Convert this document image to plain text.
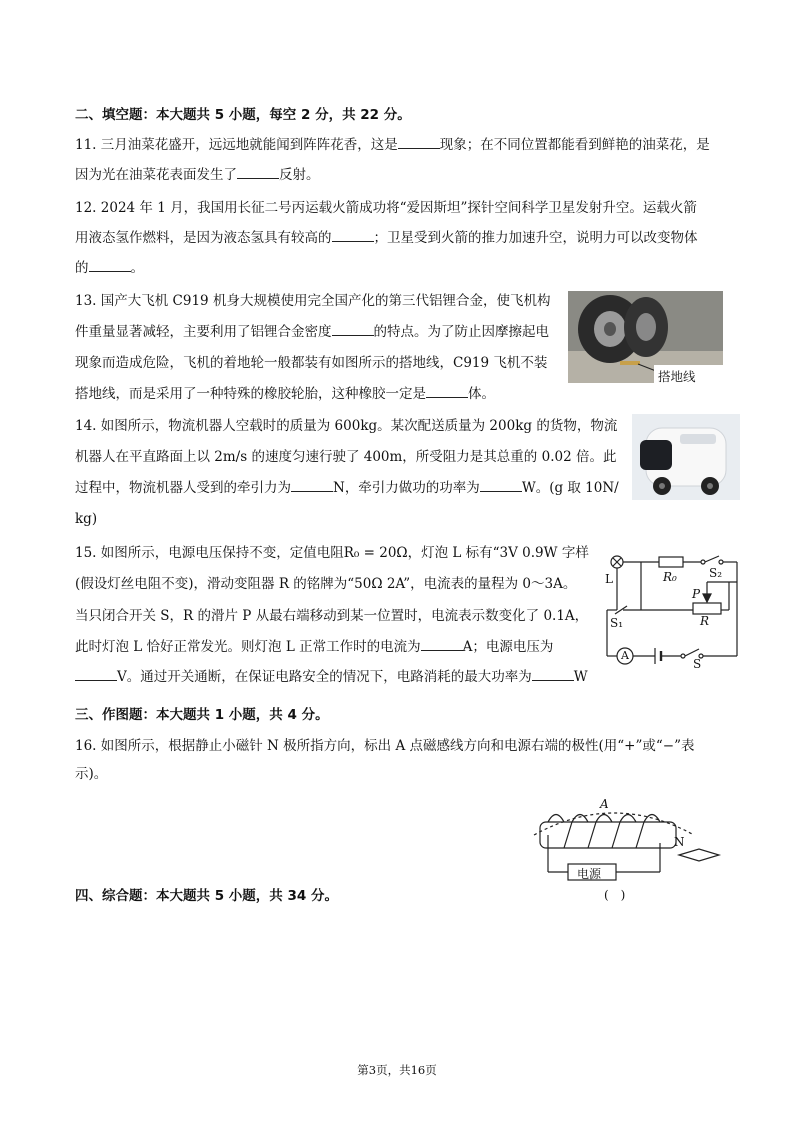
二、填空题：本大题共 5 小题，每空 2 分，共 22 分。
11. 三月油菜花盛开，远远地就能闻到阵阵花香，这是	现象；在不同位置都能看到鲜艳的油菜花，是
因为光在油菜花表面发生了	反射。
12. 2024 年 1 月，我国用长征二号丙运载火箭成功将“爱因斯坦”探针空间科学卫星发射升空。运载火箭
用液态氢作燃料，是因为液态氢具有较高的	；卫星受到火箭的推力加速升空，说明力可以改变物体
的	。
13. 国产大飞机 C919 机身大规模使用完全国产化的第三代铝锂合金，使飞机构
件重量显著减轻，主要利用了铝锂合金密度	的特点。为了防止因摩擦起电
现象而造成危险，飞机的着地轮一般都装有如图所示的搭地线，C919 飞机不装
搭地线，而是采用了一种特殊的橡胶轮胎，这种橡胶一定是	体。
搭地线
14. 如图所示，物流机器人空载时的质量为 600kg。某次配送质量为 200kg 的货物，物流
机器人在平直路面上以 2m/s 的速度匀速行驶了 400m，所受阻力是其总重的 0.02 倍。此
过程中，物流机器人受到的牵引力为	N，牵引力做功的功率为	W。(g 取 10N/
kg)
15. 如图所示，电源电压保持不变，定值电阻R₀ = 20Ω，灯泡 L 标有“3V 0.9W 字样
(假设灯丝电阻不变)，滑动变阻器 R 的铭牌为“50Ω 2A”，电流表的量程为 0～3A。
当只闭合开关 S，R 的滑片 P 从最右端移动到某一位置时，电流表示数变化了 0.1A，
此时灯泡 L 恰好正常发光。则灯泡 L 正常工作时的电流为	A；电源电压为
V。通过开关通断，在保证电路安全的情况下，电路消耗的最大功率为	W
L	R₀	S₂
S₁
P
R
A
S
三、作图题：本大题共 1 小题，共 4 分。
16. 如图所示，根据静止小磁针 N 极所指方向，标出 A 点磁感线方向和电源右端的极性(用“+”或“−”表
示)。
A
N
电源
(　)
四、综合题：本大题共 5 小题，共 34 分。
第3页，共16页
